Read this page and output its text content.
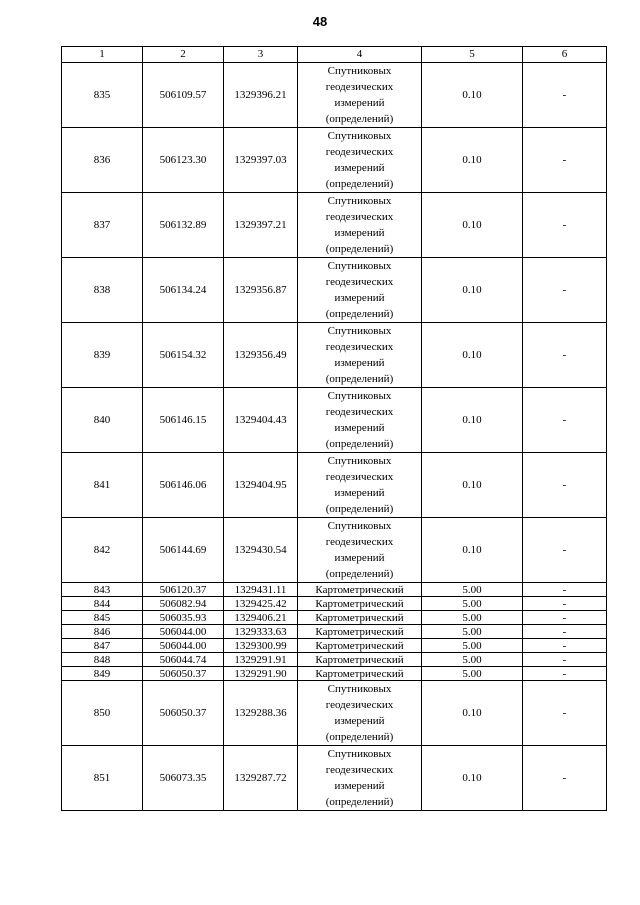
48
1	2	3	4	5	6
835	506109.57	1329396.21	Спутниковых
геодезических
измерений
(определений)	0.10	-
836	506123.30	1329397.03	Спутниковых
геодезических
измерений
(определений)	0.10	-
837	506132.89	1329397.21	Спутниковых
геодезических
измерений
(определений)	0.10	-
838	506134.24	1329356.87	Спутниковых
геодезических
измерений
(определений)	0.10	-
839	506154.32	1329356.49	Спутниковых
геодезических
измерений
(определений)	0.10	-
840	506146.15	1329404.43	Спутниковых
геодезических
измерений
(определений)	0.10	-
841	506146.06	1329404.95	Спутниковых
геодезических
измерений
(определений)	0.10	-
842	506144.69	1329430.54	Спутниковых
геодезических
измерений
(определений)	0.10	-
843	506120.37	1329431.11	Картометрический	5.00	-
844	506082.94	1329425.42	Картометрический	5.00	-
845	506035.93	1329406.21	Картометрический	5.00	-
846	506044.00	1329333.63	Картометрический	5.00	-
847	506044.00	1329300.99	Картометрический	5.00	-
848	506044.74	1329291.91	Картометрический	5.00	-
849	506050.37	1329291.90	Картометрический	5.00	-
850	506050.37	1329288.36	Спутниковых
геодезических
измерений
(определений)	0.10	-
851	506073.35	1329287.72	Спутниковых
геодезических
измерений
(определений)	0.10	-
